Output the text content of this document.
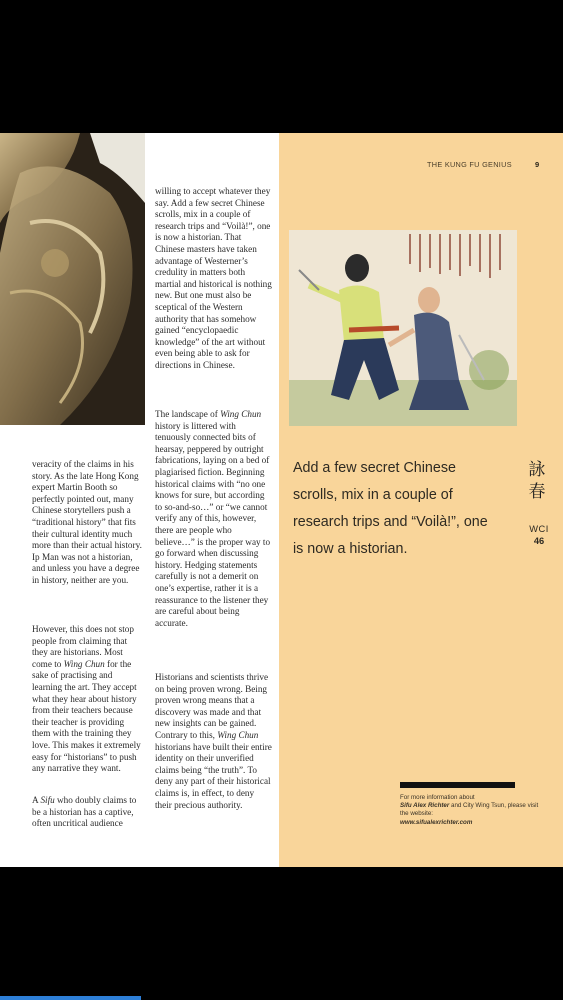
willing to accept whatever they say. Add a few secret Chinese scrolls, mix in a couple of research trips and “Voilà!”, one is now a historian. That Chinese masters have taken advantage of Westerner’s credulity in matters both martial and historical is nothing new. But one must also be sceptical of the Western authority that has somehow gained “encyclopaedic knowledge” of the art without even being able to ask for directions in Chinese.

The landscape of Wing Chun history is littered with tenuously connected bits of hearsay, peppered by outright fabrications, laying on a bed of plagiarised fiction. Beginning historical claims with “no one knows for sure, but according to so-and-so…” or “we cannot verify any of this, however, there are people who believe…” is the proper way to go forward when discussing history. Hedging statements carefully is not a demerit on one’s expertise, rather it is a reassurance to the listener they are careful about being accurate.

Historians and scientists thrive on being proven wrong. Being proven wrong means that a discovery was made and that new insights can be gained. Contrary to this, Wing Chun historians have built their entire identity on their unverified claims being “the truth”. To deny any part of their historical claims is, in effect, to deny their precious authority.

veracity of the claims in his story. As the late Hong Kong expert Martin Booth so perfectly pointed out, many Chinese storytellers push a “traditional history” that fits their cultural identity much more than their actual history. Ip Man was not a historian, and unless you have a degree in history, neither are you.

However, this does not stop people from claiming that they are historians. Most come to Wing Chun for the sake of practising and learning the art. They accept what they hear about history from their teachers because their teacher is providing them with the training they love. This makes it extremely easy for “historians” to push any narrative they want.

A Sifu who doubly claims to be a historian has a captive, often uncritical audience

THE KUNG FU GENIUS	9
Add a few secret Chinese scrolls, mix in a couple of research trips and “Voilà!”, one is now a historian.
詠
春
WCI
46
For more information about
Sifu Alex Richter and City Wing Tsun, please visit the website:
www.sifualexrichter.com
